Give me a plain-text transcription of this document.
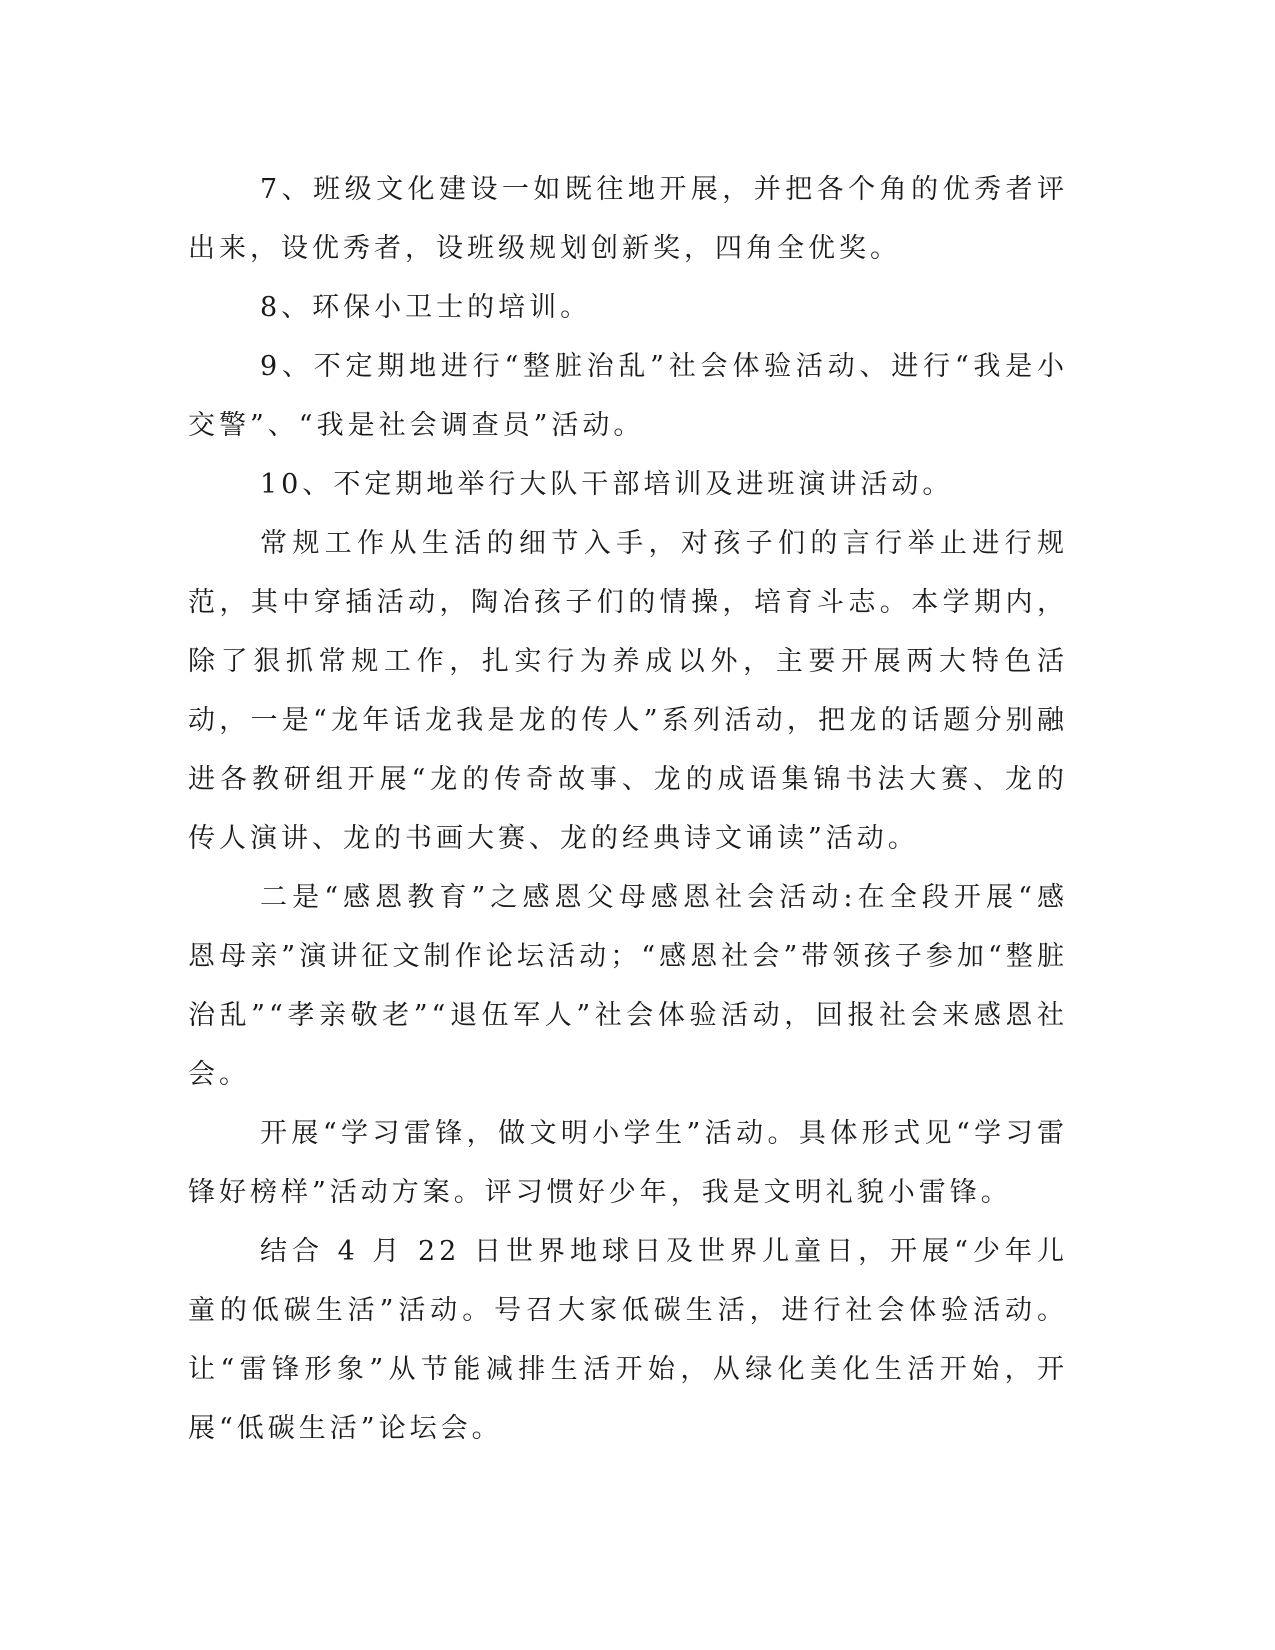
7、班级文化建设一如既往地开展，并把各个角的优秀者评出来，设优秀者，设班级规划创新奖，四角全优奖。

8、环保小卫士的培训。

9、不定期地进行“整脏治乱”社会体验活动、进行“我是小交警”、“我是社会调查员”活动。

10、不定期地举行大队干部培训及进班演讲活动。

常规工作从生活的细节入手，对孩子们的言行举止进行规范，其中穿插活动，陶冶孩子们的情操，培育斗志。本学期内，除了狠抓常规工作，扎实行为养成以外，主要开展两大特色活动，一是“龙年话龙我是龙的传人”系列活动，把龙的话题分别融进各教研组开展“龙的传奇故事、龙的成语集锦书法大赛、龙的传人演讲、龙的书画大赛、龙的经典诗文诵读”活动。

二是“感恩教育”之感恩父母感恩社会活动:在全段开展“感恩母亲”演讲征文制作论坛活动；“感恩社会”带领孩子参加“整脏治乱”“孝亲敬老”“退伍军人”社会体验活动，回报社会来感恩社会。

开展“学习雷锋，做文明小学生”活动。具体形式见“学习雷锋好榜样”活动方案。评习惯好少年，我是文明礼貌小雷锋。

结合 4 月 22 日世界地球日及世界儿童日，开展“少年儿童的低碳生活”活动。号召大家低碳生活，进行社会体验活动。让“雷锋形象”从节能减排生活开始，从绿化美化生活开始，开展“低碳生活”论坛会。
